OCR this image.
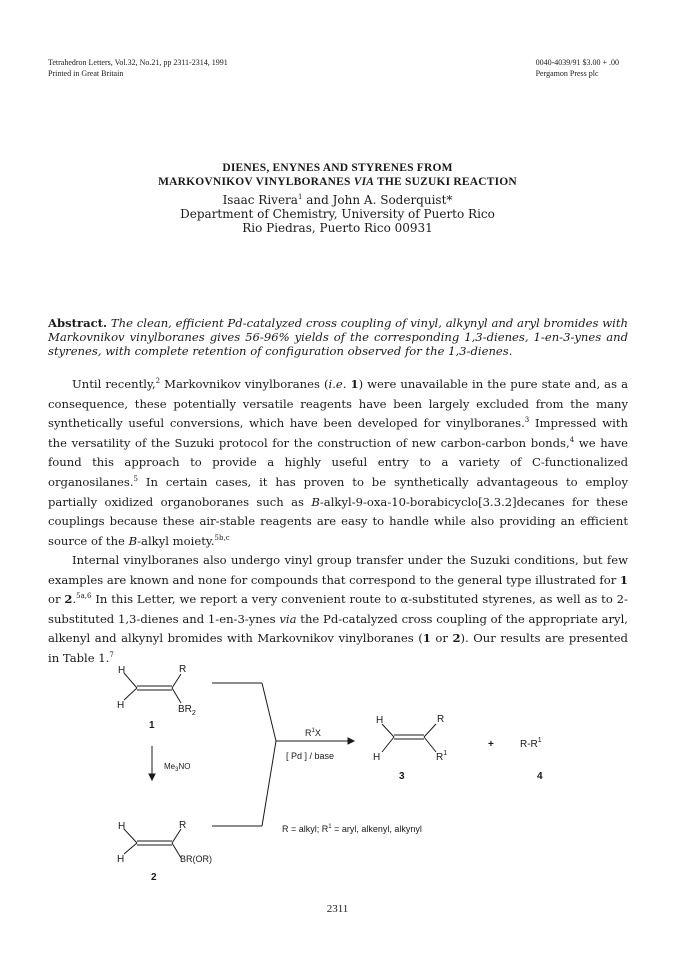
Tetrahedron Letters, Vol.32, No.21, pp 2311-2314, 1991
Printed in Great Britain
0040-4039/91 $3.00 + .00
Pergamon Press plc
DIENES, ENYNES AND STYRENES FROM
MARKOVNIKOV VINYLBORANES VIA THE SUZUKI REACTION
Isaac Rivera$^1$ and John A. Soderquist*
Department of Chemistry, University of Puerto Rico
Rio Piedras, Puerto Rico 00931
Abstract. The clean, efficient Pd-catalyzed cross coupling of vinyl, alkynyl and aryl bromides with Markovnikov vinylboranes gives 56-96% yields of the corresponding 1,3-dienes, 1-en-3-ynes and styrenes, with complete retention of configuration observed for the 1,3-dienes.
Until recently,$^2$ Markovnikov vinylboranes (i.e. 1) were unavailable in the pure state and, as a consequence, these potentially versatile reagents have been largely excluded from the many synthetically useful conversions, which have been developed for vinylboranes.$^3$ Impressed with the versatility of the Suzuki protocol for the construction of new carbon-carbon bonds,$^4$ we have found this approach to provide a highly useful entry to a variety of C-functionalized organosilanes.$^5$ In certain cases, it has proven to be synthetically advantageous to employ partially oxidized organoboranes such as B-alkyl-9-oxa-10-borabicyclo[3.3.2]decanes for these couplings because these air-stable reagents are easy to handle while also providing an efficient source of the B-alkyl moiety.$^{5b,c}$
Internal vinylboranes also undergo vinyl group transfer under the Suzuki conditions, but few examples are known and none for compounds that correspond to the general type illustrated for 1 or 2.$^{5a,6}$ In this Letter, we report a very convenient route to α-substituted styrenes, as well as to 2-substituted 1,3-dienes and 1-en-3-ynes via the Pd-catalyzed cross coupling of the appropriate aryl, alkenyl and alkynyl bromides with Markovnikov vinylboranes (1 or 2). Our results are presented in Table 1.$^7$
H
H
R
$BR_2$
1
$Me_3NO$
H
H
R
BR(OR)
2
$R^1X$
[ Pd ] / base
H
H
R
$R^1$
3
+	$R-R^1$
4
R = alkyl; $R^1$ = aryl, alkenyl, alkynyl
2311
